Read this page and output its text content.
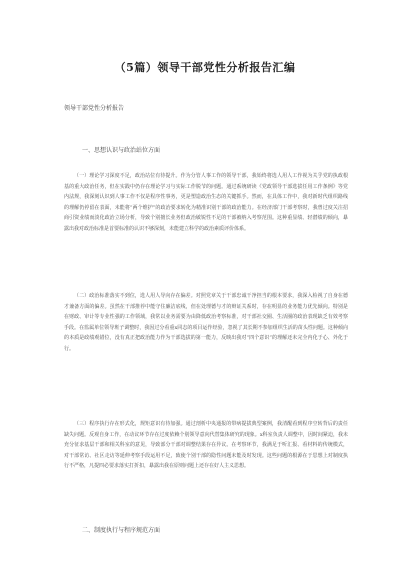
（5篇）领导干部党性分析报告汇编
领导干部党性分析报告
一、思想认识与政治站位方面

（一）理论学习深度不足，政治站位有待提升。作为分管人事工作的领导干部，我始终将选人用人工作视为关乎党的执政根基的重大政治任务，但在实践中仍存在理论学习与实际工作脱节的问题。通过系统研读《党政领导干部选拔任用工作条例》等党内法规，我深刻认识到人事工作不仅是程序性事务，更是塑造政治生态的关键抓手。然而，在具体工作中，我对新时代组织路线的理解仍停留在表面，未能将“两个维护”的政治要求转化为精准识别干部的政治能力。在经济部门干部考察时，我曾过度关注招商引资业绩而淡化政治立场分析，导致个别擅长业务但政治敏锐性不足的干部被纳入考察范围。这种重显绩、轻潜绩的倾向，暴露出我对政治标准是首要标准的认识不够深刻，未能建立科学的政治素质评价体系。

（二）政治标准落实不到位，选人用人导向存在偏差。对照党章关于干部忠诚干净担当的根本要求，我深入检视了自身在德才兼备方面的偏差。虽然在干部推荐中能守住廉洁底线，但在处理德与才的辩证关系时，存在明显的业务能力优先倾向。特别是在财政、审计等专业性强的工作领域，我常以业务需要为由降低政治考察标准，对干部社交圈、生活圈的政治表现缺乏有效考察手段。在监属单位领导班子调整时，我因过分看重x同志的项目运作经验，忽视了其长期不参加组织生活的苗头性问题。这种倾向的本质是政绩观错位，没有真正把政治能力作为干部选拔的第一能力，反映出我对“四个意识”的理解还未完全内化于心、外化于行。

（三）程序执行存在形式化，规矩意识有待加强。通过剖析中央通报的带病提拔典型案例，我清醒看到程序空转背后的责任缺失问题。反观自身工作，在动议环节存在过度依赖个别领导意向代替集体研究的现象。x科室负责人调整中，因时间紧迫，我未充分征求基层干部和相关科室的意见，导致部分干部对调整结果存在异议。在考察环节，我满足于听汇报、看材料的传统模式，对干部常访、社区走访等延伸考察手段运用不足，致使个别干部的隐性问题未能及时发现。这些问题的根源在于思想上对制度执行不严格，凡提四必要求落实打折扣，暴露出我在原则问题上还存在好人主义思想。

二、制度执行与程序规范方面
